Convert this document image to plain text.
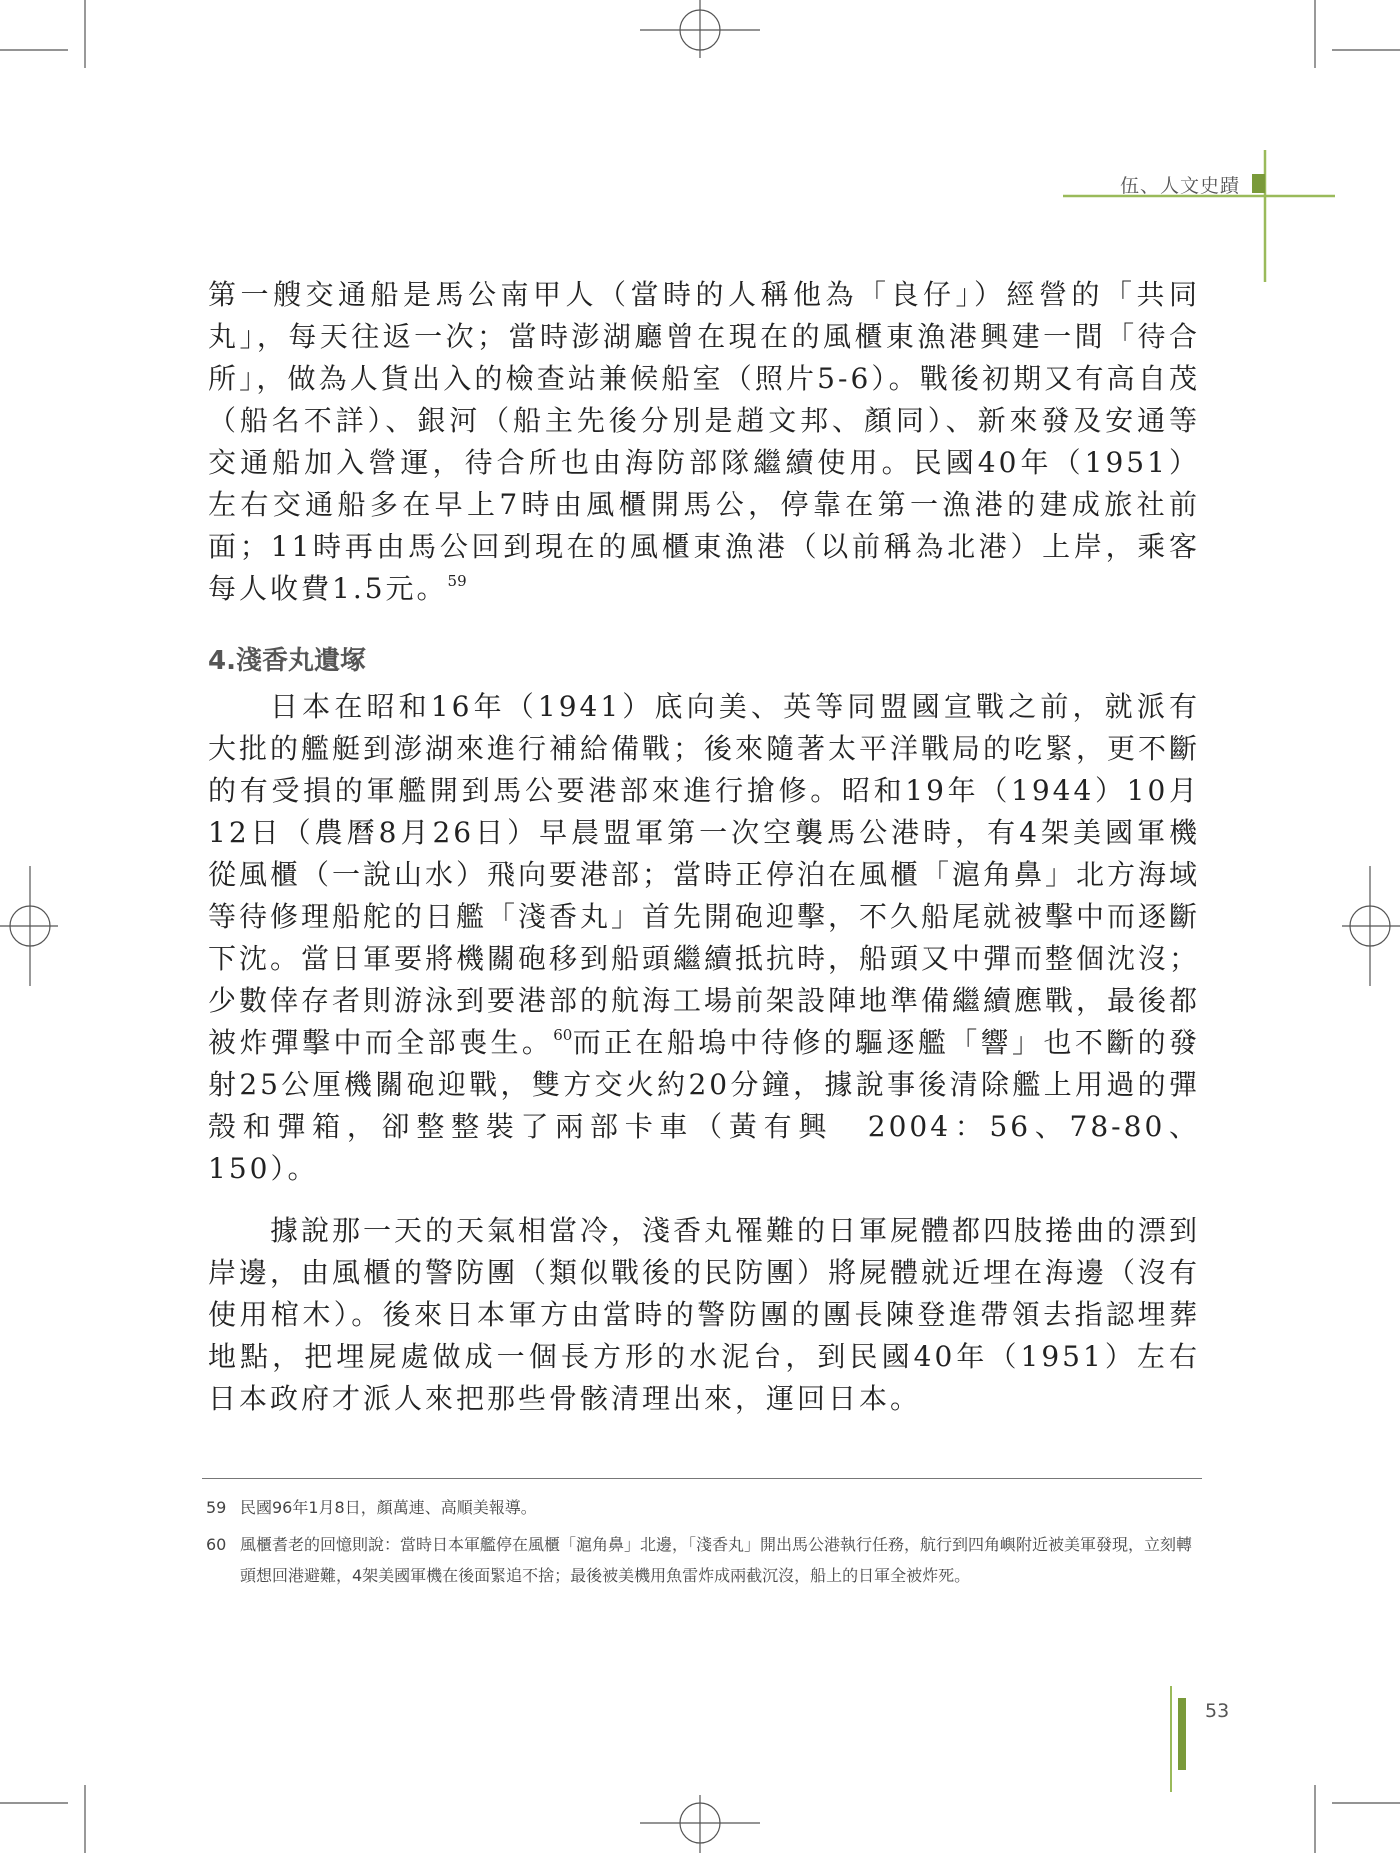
伍、人文史蹟

第一艘交通船是馬公南甲人（當時的人稱他為「良仔」）經營的「共同丸」，每天往返一次；當時澎湖廳曾在現在的風櫃東漁港興建一間「待合所」，做為人貨出入的檢查站兼候船室（照片5-6）。戰後初期又有高自茂（船名不詳）、銀河（船主先後分別是趙文邦、顏同）、新來發及安通等交通船加入營運，待合所也由海防部隊繼續使用。民國40年（1951）左右交通船多在早上7時由風櫃開馬公，停靠在第一漁港的建成旅社前面；11時再由馬公回到現在的風櫃東漁港（以前稱為北港）上岸，乘客每人收費1.5元。$^{59}$

4.淺香丸遺塚

日本在昭和16年（1941）底向美、英等同盟國宣戰之前，就派有大批的艦艇到澎湖來進行補給備戰；後來隨著太平洋戰局的吃緊，更不斷的有受損的軍艦開到馬公要港部來進行搶修。昭和19年（1944）10月12日（農曆8月26日）早晨盟軍第一次空襲馬公港時，有4架美國軍機從風櫃（一說山水）飛向要港部；當時正停泊在風櫃「滬角鼻」北方海域等待修理船舵的日艦「淺香丸」首先開砲迎擊，不久船尾就被擊中而逐斷下沈。當日軍要將機關砲移到船頭繼續抵抗時，船頭又中彈而整個沈沒；少數倖存者則游泳到要港部的航海工場前架設陣地準備繼續應戰，最後都被炸彈擊中而全部喪生。$^{60}$而正在船塢中待修的驅逐艦「響」也不斷的發射25公厘機關砲迎戰，雙方交火約20分鐘，據說事後清除艦上用過的彈殼和彈箱，卻整整裝了兩部卡車（黃有興　2004：56、78-80、150）。

據說那一天的天氣相當冷，淺香丸罹難的日軍屍體都四肢捲曲的漂到岸邊，由風櫃的警防團（類似戰後的民防團）將屍體就近埋在海邊（沒有使用棺木）。後來日本軍方由當時的警防團的團長陳登進帶領去指認埋葬地點，把埋屍處做成一個長方形的水泥台，到民國40年（1951）左右日本政府才派人來把那些骨骸清理出來，運回日本。

59 民國96年1月8日，顏萬連、高順美報導。
60 風櫃耆老的回憶則說：當時日本軍艦停在風櫃「滬角鼻」北邊，「淺香丸」開出馬公港執行任務，航行到四角嶼附近被美軍發現，立刻轉頭想回港避難，4架美國軍機在後面緊追不捨；最後被美機用魚雷炸成兩截沉沒，船上的日軍全被炸死。
53
